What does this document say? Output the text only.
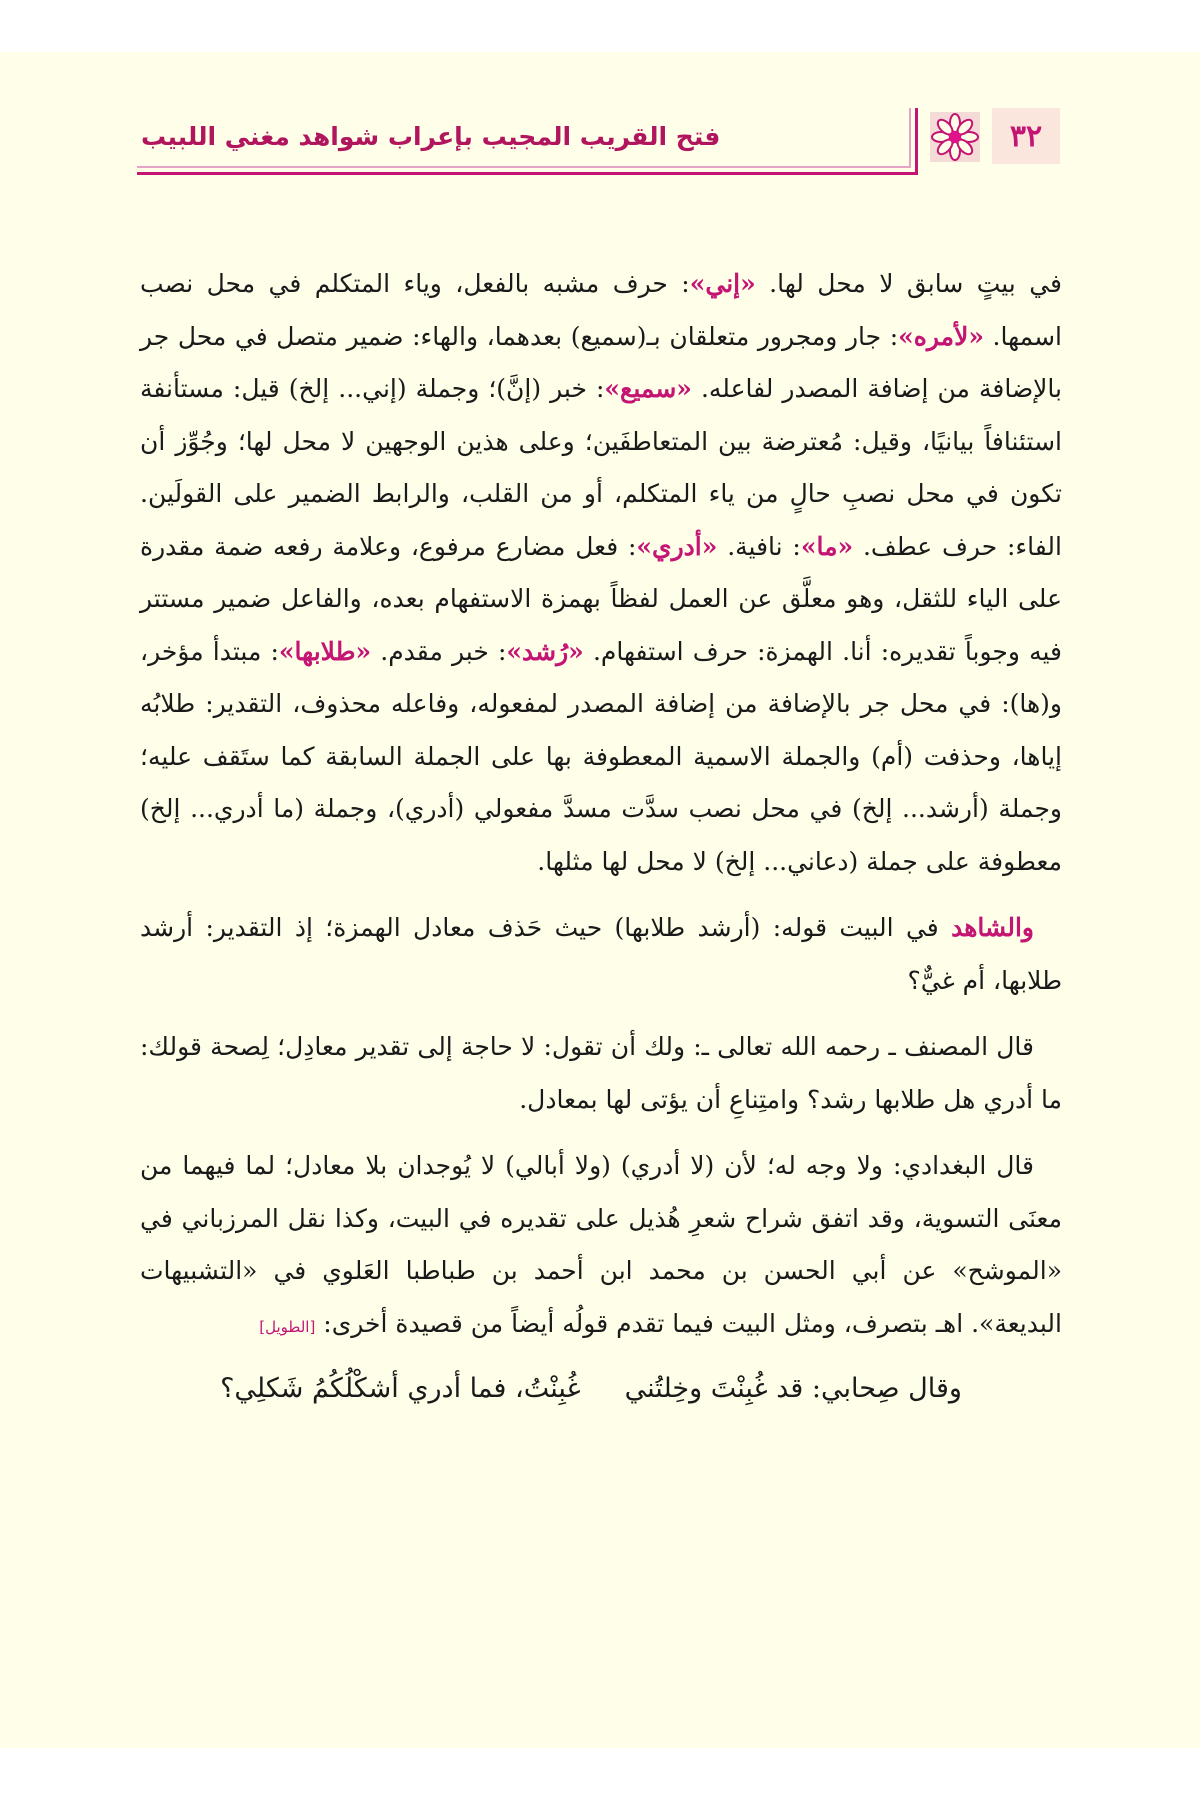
٣٢
فتح القريب المجيب بإعراب شواهد مغني اللبيب

في بيتٍ سابق لا محل لها. «إني»: حرف مشبه بالفعل، وياء المتكلم في محل نصب اسمها. «لأمره»: جار ومجرور متعلقان بـ(سميع) بعدهما، والهاء: ضمير متصل في محل جر بالإضافة من إضافة المصدر لفاعله. «سميع»: خبر (إنَّ)؛ وجملة (إني... إلخ) قيل: مستأنفة استئنافاً بيانيًا، وقيل: مُعترضة بين المتعاطفَين؛ وعلى هذين الوجهين لا محل لها؛ وجُوِّز أن تكون في محل نصبِ حالٍ من ياء المتكلم، أو من القلب، والرابط الضمير على القولَين. الفاء: حرف عطف. «ما»: نافية. «أدري»: فعل مضارع مرفوع، وعلامة رفعه ضمة مقدرة على الياء للثقل، وهو معلَّق عن العمل لفظاً بهمزة الاستفهام بعده، والفاعل ضمير مستتر فيه وجوباً تقديره: أنا. الهمزة: حرف استفهام. «رُشد»: خبر مقدم. «طلابها»: مبتدأ مؤخر، و(ها): في محل جر بالإضافة من إضافة المصدر لمفعوله، وفاعله محذوف، التقدير: طلابُه إياها، وحذفت (أم) والجملة الاسمية المعطوفة بها على الجملة السابقة كما ستَقف عليه؛ وجملة (أرشد... إلخ) في محل نصب سدَّت مسدَّ مفعولي (أدري)، وجملة (ما أدري... إلخ) معطوفة على جملة (دعاني... إلخ) لا محل لها مثلها.

والشاهد في البيت قوله: (أرشد طلابها) حيث حَذف معادل الهمزة؛ إذ التقدير: أرشد طلابها، أم غيٌّ؟

قال المصنف ـ رحمه الله تعالى ـ: ولك أن تقول: لا حاجة إلى تقدير معادِل؛ لِصحة قولك: ما أدري هل طلابها رشد؟ وامتِناعِ أن يؤتى لها بمعادل.

قال البغدادي: ولا وجه له؛ لأن (لا أدري) (ولا أبالي) لا يُوجدان بلا معادل؛ لما فيهما من معنَى التسوية، وقد اتفق شراح شعرِ هُذيل على تقديره في البيت، وكذا نقل المرزباني في «الموشح» عن أبي الحسن بن محمد ابن أحمد بن طباطبا العَلوي في «التشبيهات البديعة». اهـ بتصرف، ومثل البيت فيما تقدم قولُه أيضاً من قصيدة أخرى: [الطويل]

وقال صِحابي: قد غُبِنْتَ وخِلتُني
غُبِنْتُ، فما أدري أشكْلُكُمُ شَكلِي؟
